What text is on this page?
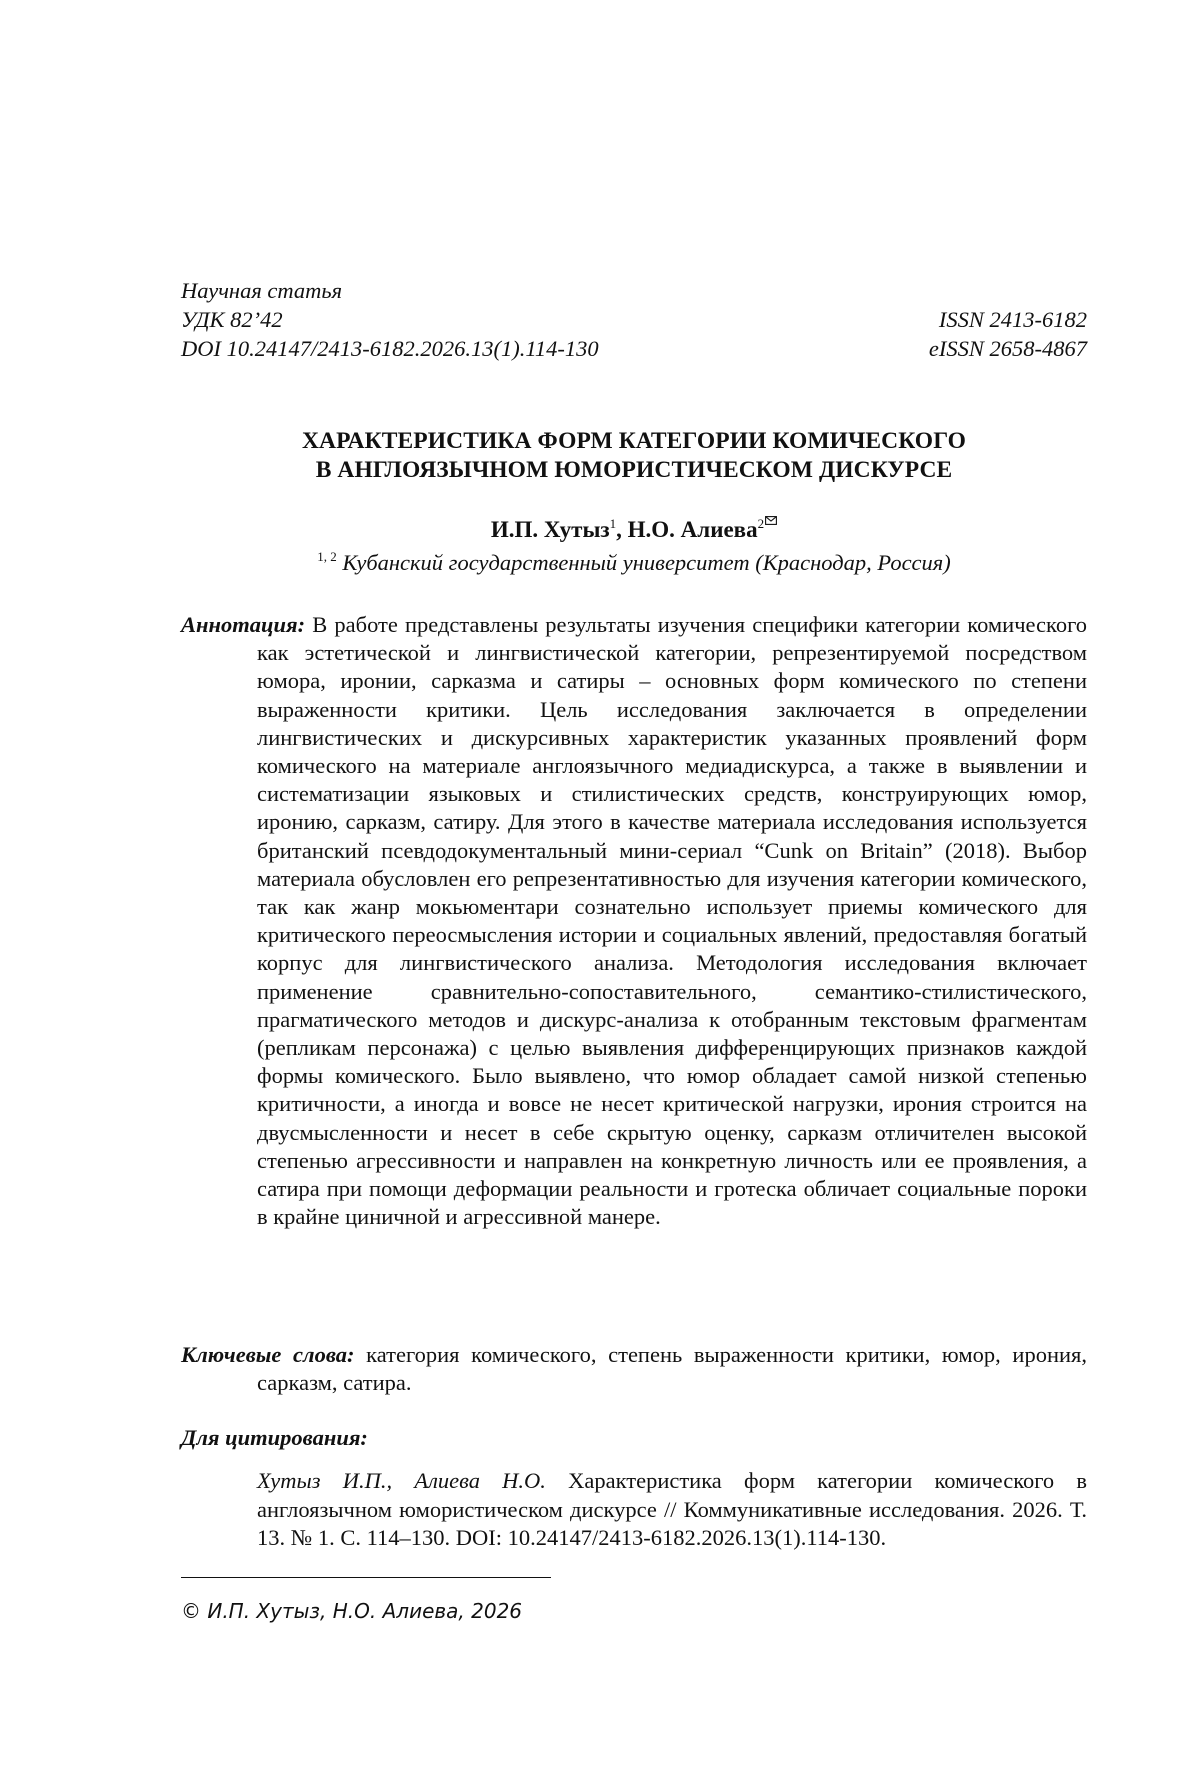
Научная статья
УДК 82’42	ISSN 2413-6182
DOI 10.24147/2413-6182.2026.13(1).114-130	eISSN 2658-4867
ХАРАКТЕРИСТИКА ФОРМ КАТЕГОРИИ КОМИЧЕСКОГО
В АНГЛОЯЗЫЧНОМ ЮМОРИСТИЧЕСКОМ ДИСКУРСЕ
И.П. Хутыз$^1$, Н.О. Алиева$^2$
$^{1, 2}$ Кубанский государственный университет (Краснодар, Россия)
Аннотация: В работе представлены результаты изучения специфики категории комического как эстетической и лингвистической категории, репрезентируемой посредством юмора, иронии, сарказма и сатиры – основных форм комического по степени выраженности критики. Цель исследования заключается в определении лингвистических и дискурсивных характеристик указанных проявлений форм комического на материале англоязычного медиадискурса, а также в выявлении и систематизации языковых и стилистических средств, конструирующих юмор, иронию, сарказм, сатиру. Для этого в качестве материала исследования используется британский псевдодокументальный мини-сериал “Cunk on Britain” (2018). Выбор материала обусловлен его репрезентативностью для изучения категории комического, так как жанр мокьюментари сознательно использует приемы комического для критического переосмысления истории и социальных явлений, предоставляя богатый корпус для лингвистического анализа. Методология исследования включает применение сравнительно-сопоставительного, семантико-стилистического, прагматического методов и дискурс-анализа к отобранным текстовым фрагментам (репликам персонажа) с целью выявления дифференцирующих признаков каждой формы комического. Было выявлено, что юмор обладает самой низкой степенью критичности, а иногда и вовсе не несет критической нагрузки, ирония строится на двусмысленности и несет в себе скрытую оценку, сарказм отличителен высокой степенью агрессивности и направлен на конкретную личность или ее проявления, а сатира при помощи деформации реальности и гротеска обличает социальные пороки в крайне циничной и агрессивной манере.
Ключевые слова: категория комического, степень выраженности критики, юмор, ирония, сарказм, сатира.
Для цитирования:
Хутыз И.П., Алиева Н.О. Характеристика форм категории комического в англоязычном юмористическом дискурсе // Коммуникативные исследования. 2026. Т. 13. № 1. С. 114–130. DOI: 10.24147/2413-6182.2026.13(1).114-130.
© И.П. Хутыз, Н.О. Алиева, 2026
